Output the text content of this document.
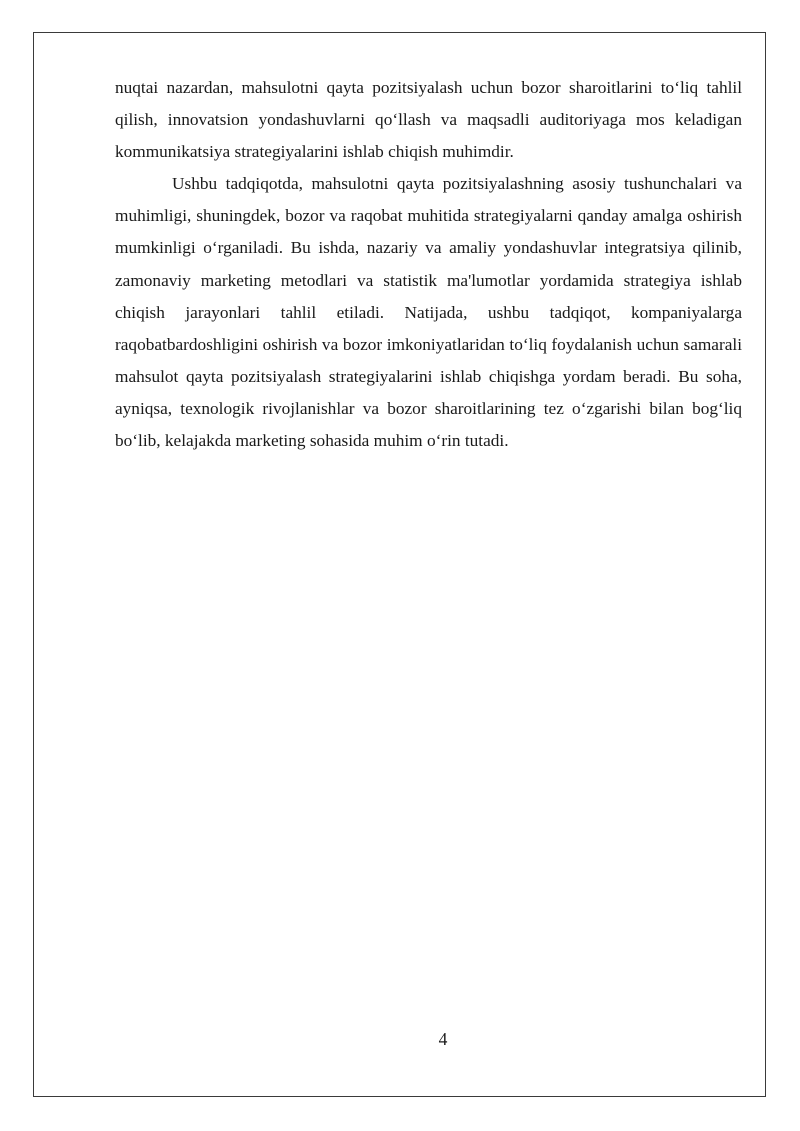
nuqtai nazardan, mahsulotni qayta pozitsiyalash uchun bozor sharoitlarini to‘liq tahlil qilish, innovatsion yondashuvlarni qo‘llash va maqsadli auditoriyaga mos keladigan kommunikatsiya strategiyalarini ishlab chiqish muhimdir.

Ushbu tadqiqotda, mahsulotni qayta pozitsiyalashning asosiy tushunchalari va muhimligi, shuningdek, bozor va raqobat muhitida strategiyalarni qanday amalga oshirish mumkinligi o‘rganiladi. Bu ishda, nazariy va amaliy yondashuvlar integratsiya qilinib, zamonaviy marketing metodlari va statistik ma'lumotlar yordamida strategiya ishlab chiqish jarayonlari tahlil etiladi. Natijada, ushbu tadqiqot, kompaniyalarga raqobatbardoshligini oshirish va bozor imkoniyatlaridan to‘liq foydalanish uchun samarali mahsulot qayta pozitsiyalash strategiyalarini ishlab chiqishga yordam beradi. Bu soha, ayniqsa, texnologik rivojlanishlar va bozor sharoitlarining tez o‘zgarishi bilan bog‘liq bo‘lib, kelajakda marketing sohasida muhim o‘rin tutadi.

4
